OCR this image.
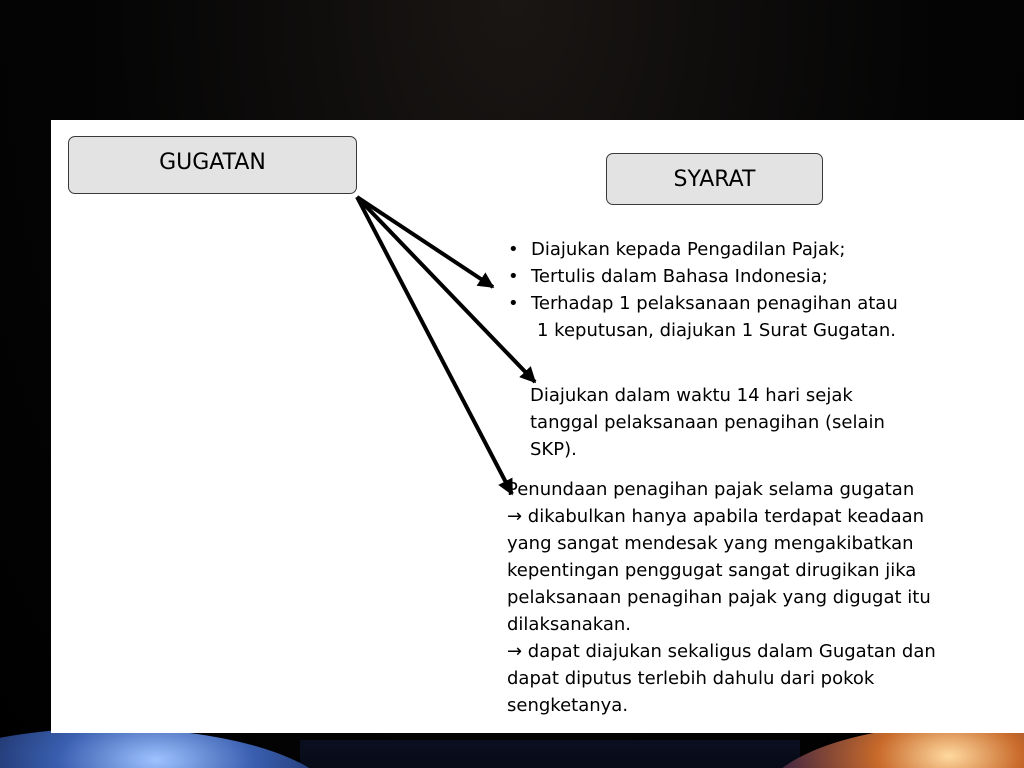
GUGATAN
SYARAT
• Diajukan kepada Pengadilan Pajak;
• Tertulis dalam Bahasa Indonesia;
• Terhadap 1 pelaksanaan penagihan atau
1 keputusan, diajukan 1 Surat Gugatan.
Diajukan dalam waktu 14 hari sejak
tanggal pelaksanaan penagihan (selain
SKP).
Penundaan penagihan pajak selama gugatan
→ dikabulkan hanya apabila terdapat keadaan
yang sangat mendesak yang mengakibatkan
kepentingan penggugat sangat dirugikan jika
pelaksanaan penagihan pajak yang digugat itu
dilaksanakan.
→ dapat diajukan sekaligus dalam Gugatan dan
dapat diputus terlebih dahulu dari pokok
sengketanya.
